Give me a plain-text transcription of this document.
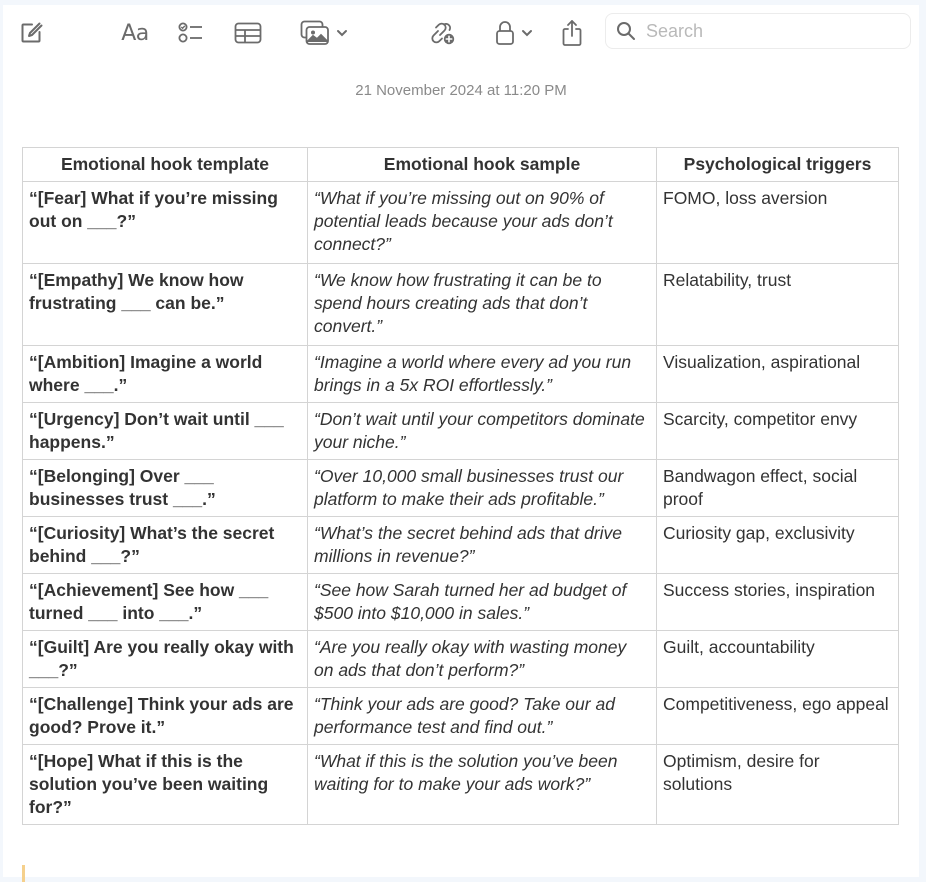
Aa
Search
21 November 2024 at 11:20 PM
Emotional hook template	Emotional hook sample	Psychological triggers
“[Fear] What if you’re missing out on ___?”	“What if you’re missing out on 90% of potential leads because your ads don’t connect?”	FOMO, loss aversion
“[Empathy] We know how frustrating ___ can be.”	“We know how frustrating it can be to spend hours creating ads that don’t convert.”	Relatability, trust
“[Ambition] Imagine a world where ___.”	“Imagine a world where every ad you run brings in a 5x ROI effortlessly.”	Visualization, aspirational
“[Urgency] Don’t wait until ___ happens.”	“Don’t wait until your competitors dominate your niche.”	Scarcity, competitor envy
“[Belonging] Over ___ businesses trust ___.”	“Over 10,000 small businesses trust our platform to make their ads profitable.”	Bandwagon effect, social proof
“[Curiosity] What’s the secret behind ___?”	“What’s the secret behind ads that drive millions in revenue?”	Curiosity gap, exclusivity
“[Achievement] See how ___ turned ___ into ___.”	“See how Sarah turned her ad budget of $500 into $10,000 in sales.”	Success stories, inspiration
“[Guilt] Are you really okay with ___?”	“Are you really okay with wasting money on ads that don’t perform?”	Guilt, accountability
“[Challenge] Think your ads are good? Prove it.”	“Think your ads are good? Take our ad performance test and find out.”	Competitiveness, ego appeal
“[Hope] What if this is the solution you’ve been waiting for?”	“What if this is the solution you’ve been waiting for to make your ads work?”	Optimism, desire for solutions
